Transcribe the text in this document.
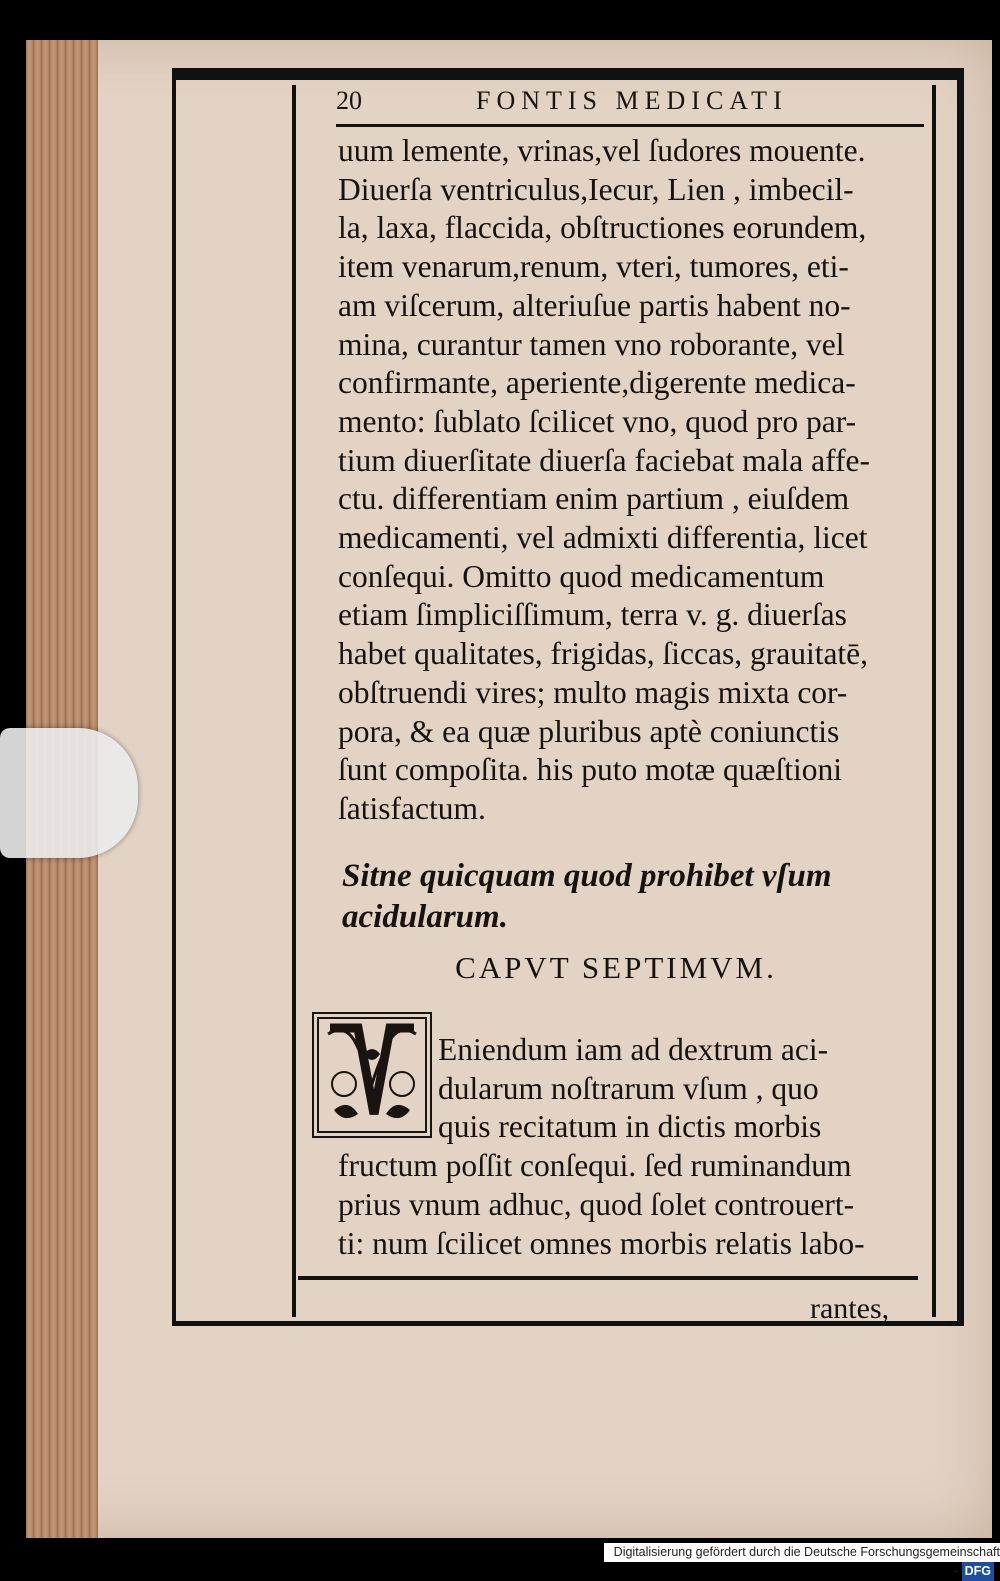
20	FONTIS MEDICATI
uum lemente, vrinas,vel ſudores mouente.
Diuerſa ventriculus,Iecur, Lien , imbecil-
la, laxa, flaccida, obſtructiones eorundem,
item venarum,renum, vteri, tumores, eti-
am viſcerum, alteriuſue partis habent no-
mina, curantur tamen vno roborante, vel
confirmante, aperiente,digerente medica-
mento: ſublato ſcilicet vno, quod pro par-
tium diuerſitate diuerſa faciebat mala affe-
ctu. differentiam enim partium , eiuſdem
medicamenti, vel admixti differentia, licet
conſequi. Omitto quod medicamentum
etiam ſimpliciſſimum, terra v. g. diuerſas
habet qualitates, frigidas, ſiccas, grauitatē,
obſtruendi vires; multo magis mixta cor-
pora, & ea quæ pluribus aptè coniunctis
ſunt compoſita. his puto motæ quæſtioni
ſatisfactum.
Sitne quicquam quod prohibet vſum
acidularum.
CAPVT SEPTIMVM.
Eniendum iam ad dextrum aci-
dularum noſtrarum vſum , quo
quis recitatum in dictis morbis
fructum poſſit conſequi. ſed ruminandum
prius vnum adhuc, quod ſolet controuert-
ti: num ſcilicet omnes morbis relatis labo-
rantes,
Digitalisierung gefördert durch die Deutsche Forschungsgemeinschaft - DFG
